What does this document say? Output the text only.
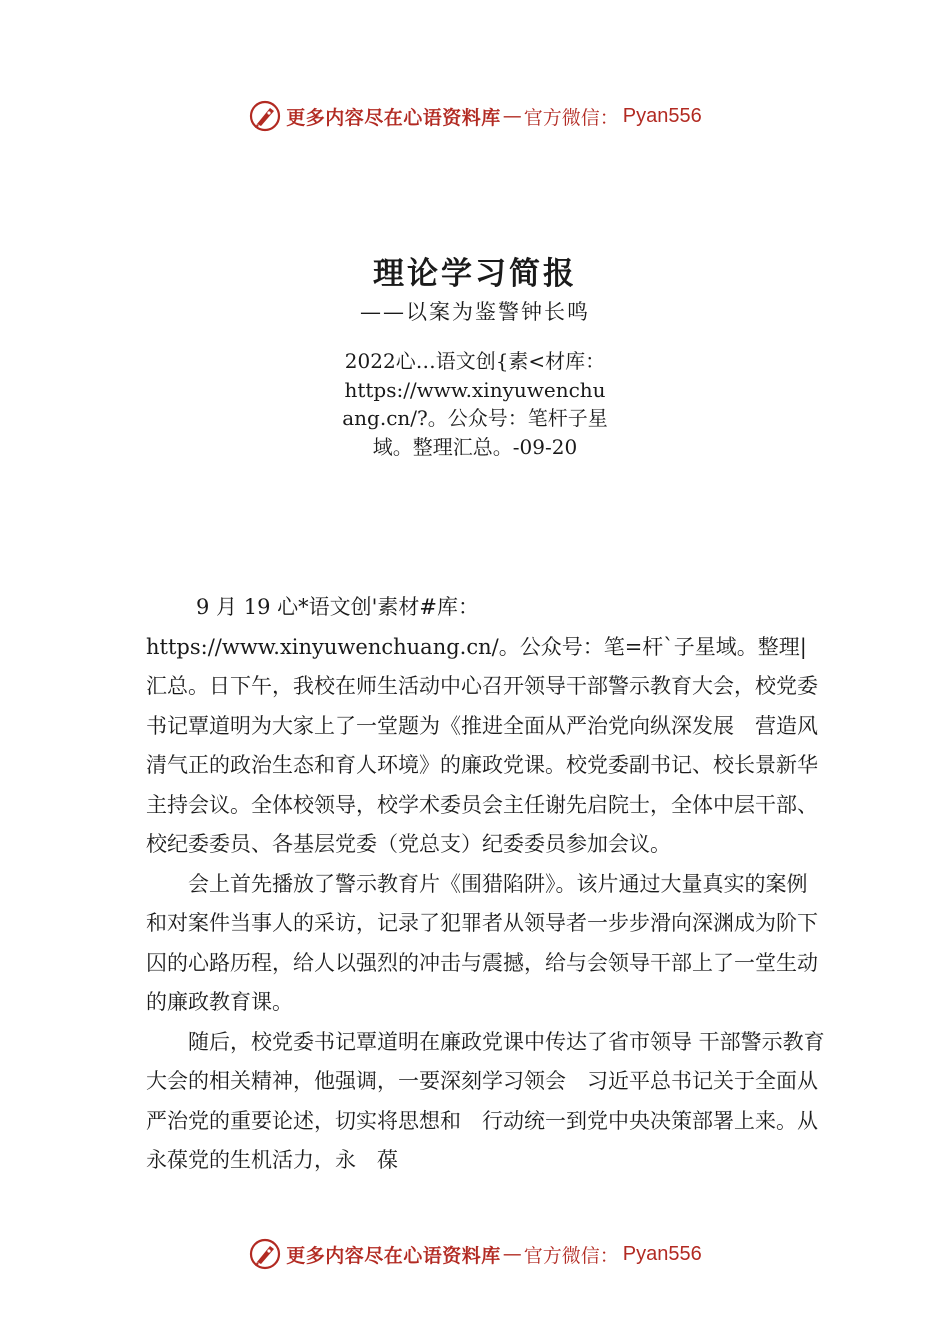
更多内容尽在心语资料库 — 官方微信： Pyan556
理论学习简报
——以案为鉴警钟长鸣
2022心…语文创{素<材库：https://www.xinyuwenchuang.cn/?。公众号：笔杆子星域。整理汇总。-09-20

9 月 19 心*语文创'素材#库：https://www.xinyuwenchuang.cn/。公众号：笔=杆`子星域。整理|汇总。日下午，我校在师生活动中心召开领导干部警示教育大会，校党委书记覃道明为大家上了一堂题为《推进全面从严治党向纵深发展　营造风清气正的政治生态和育人环境》的廉政党课。校党委副书记、校长景新华主持会议。全体校领导，校学术委员会主任谢先启院士，全体中层干部、校纪委委员、各基层党委（党总支）纪委委员参加会议。

会上首先播放了警示教育片《围猎陷阱》。该片通过大量真实的案例和对案件当事人的采访，记录了犯罪者从领导者一步步滑向深渊成为阶下囚的心路历程，给人以强烈的冲击与震撼，给与会领导干部上了一堂生动的廉政教育课。

随后，校党委书记覃道明在廉政党课中传达了省市领导 干部警示教育大会的相关精神，他强调，一要深刻学习领会　习近平总书记关于全面从严治党的重要论述，切实将思想和　行动统一到党中央决策部署上来。从永葆党的生机活力，永　葆

更多内容尽在心语资料库 — 官方微信： Pyan556
